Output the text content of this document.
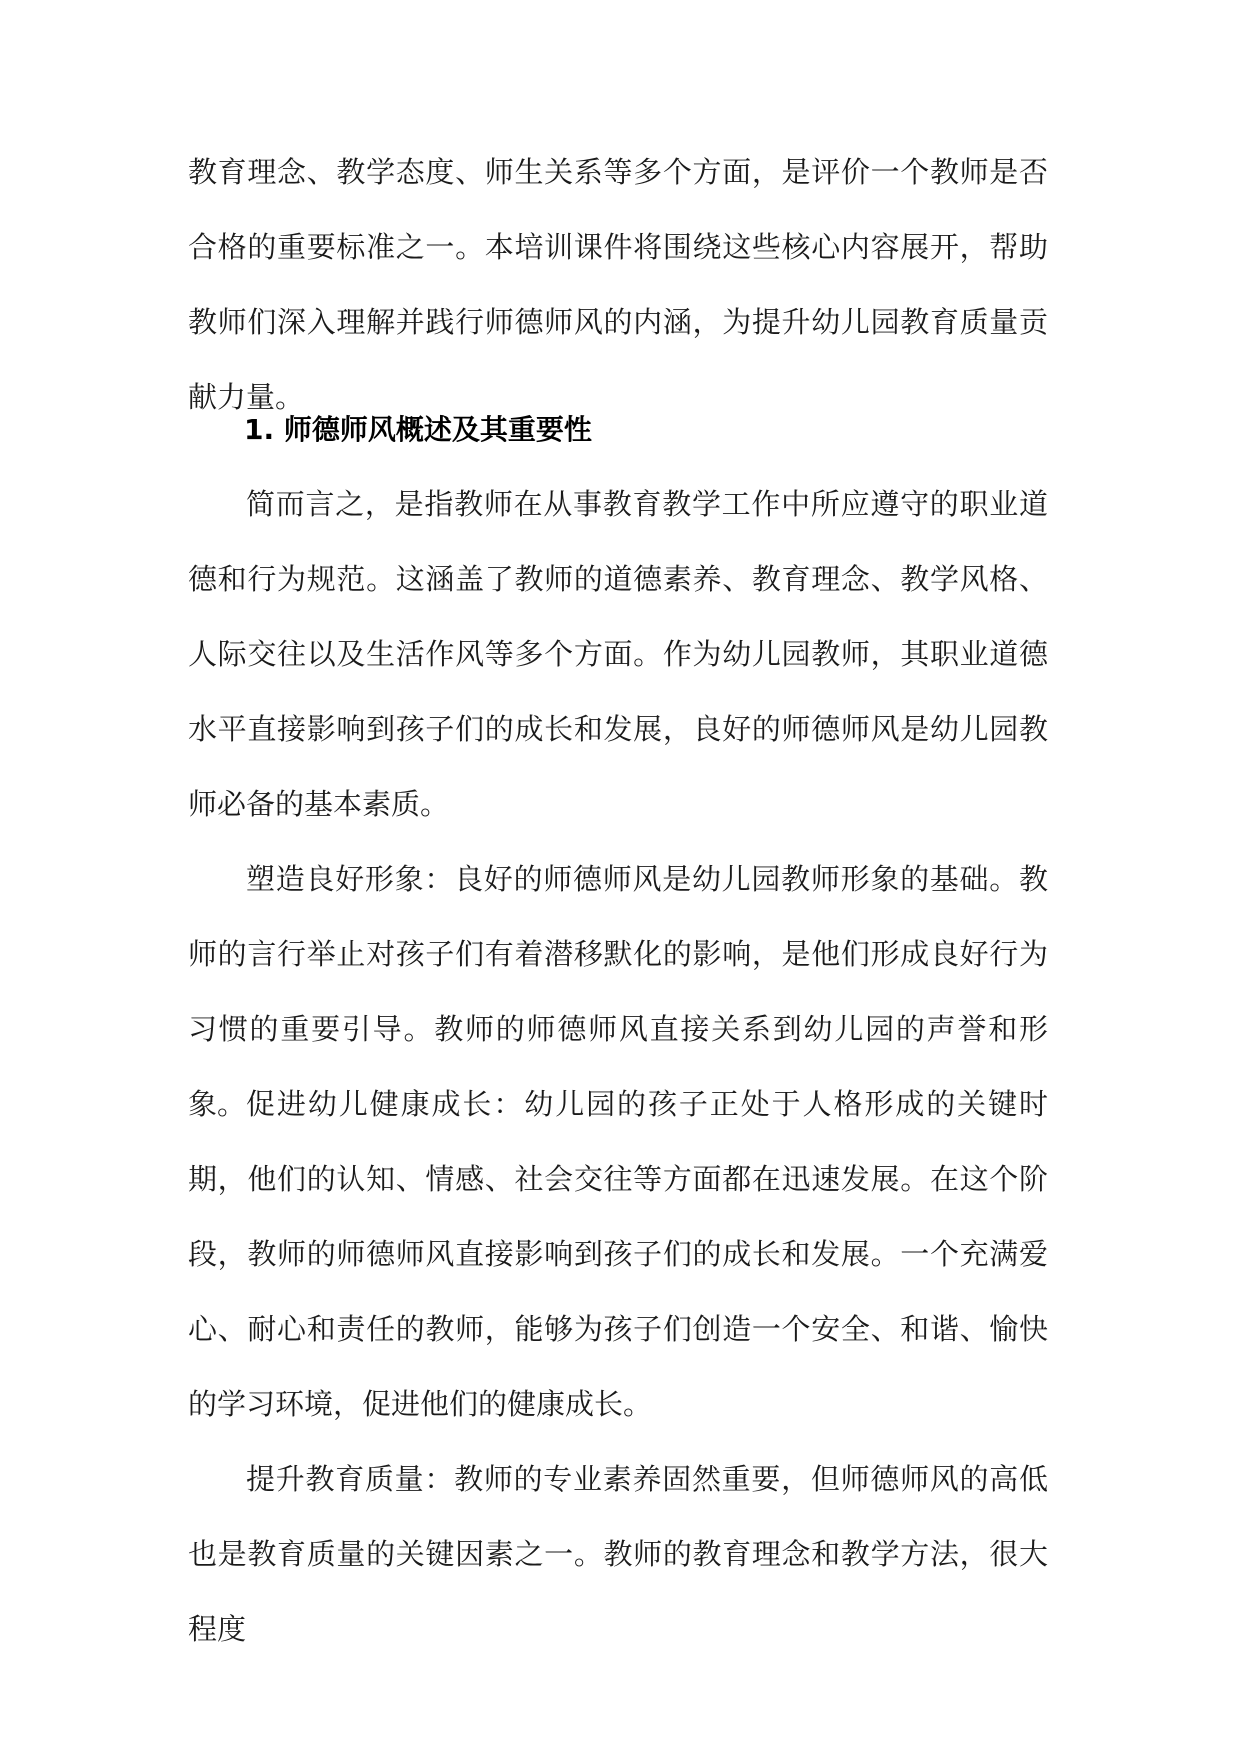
教育理念、教学态度、师生关系等多个方面，是评价一个教师是否合格的重要标准之一。本培训课件将围绕这些核心内容展开，帮助教师们深入理解并践行师德师风的内涵，为提升幼儿园教育质量贡献力量。

1. 师德师风概述及其重要性

简而言之，是指教师在从事教育教学工作中所应遵守的职业道德和行为规范。这涵盖了教师的道德素养、教育理念、教学风格、人际交往以及生活作风等多个方面。作为幼儿园教师，其职业道德水平直接影响到孩子们的成长和发展，良好的师德师风是幼儿园教师必备的基本素质。

塑造良好形象：良好的师德师风是幼儿园教师形象的基础。教师的言行举止对孩子们有着潜移默化的影响，是他们形成良好行为习惯的重要引导。教师的师德师风直接关系到幼儿园的声誉和形象。 促进幼儿健康成长：幼儿园的孩子正处于人格形成的关键时期，他们的认知、情感、社会交往等方面都在迅速发展。在这个阶段，教师的师德师风直接影响到孩子们的成长和发展。一个充满爱心、耐心和责任的教师，能够为孩子们创造一个安全、和谐、愉快的学习环境，促进他们的健康成长。

提升教育质量：教师的专业素养固然重要，但师德师风的高低也是教育质量的关键因素之一。教师的教育理念和教学方法，很大程度
